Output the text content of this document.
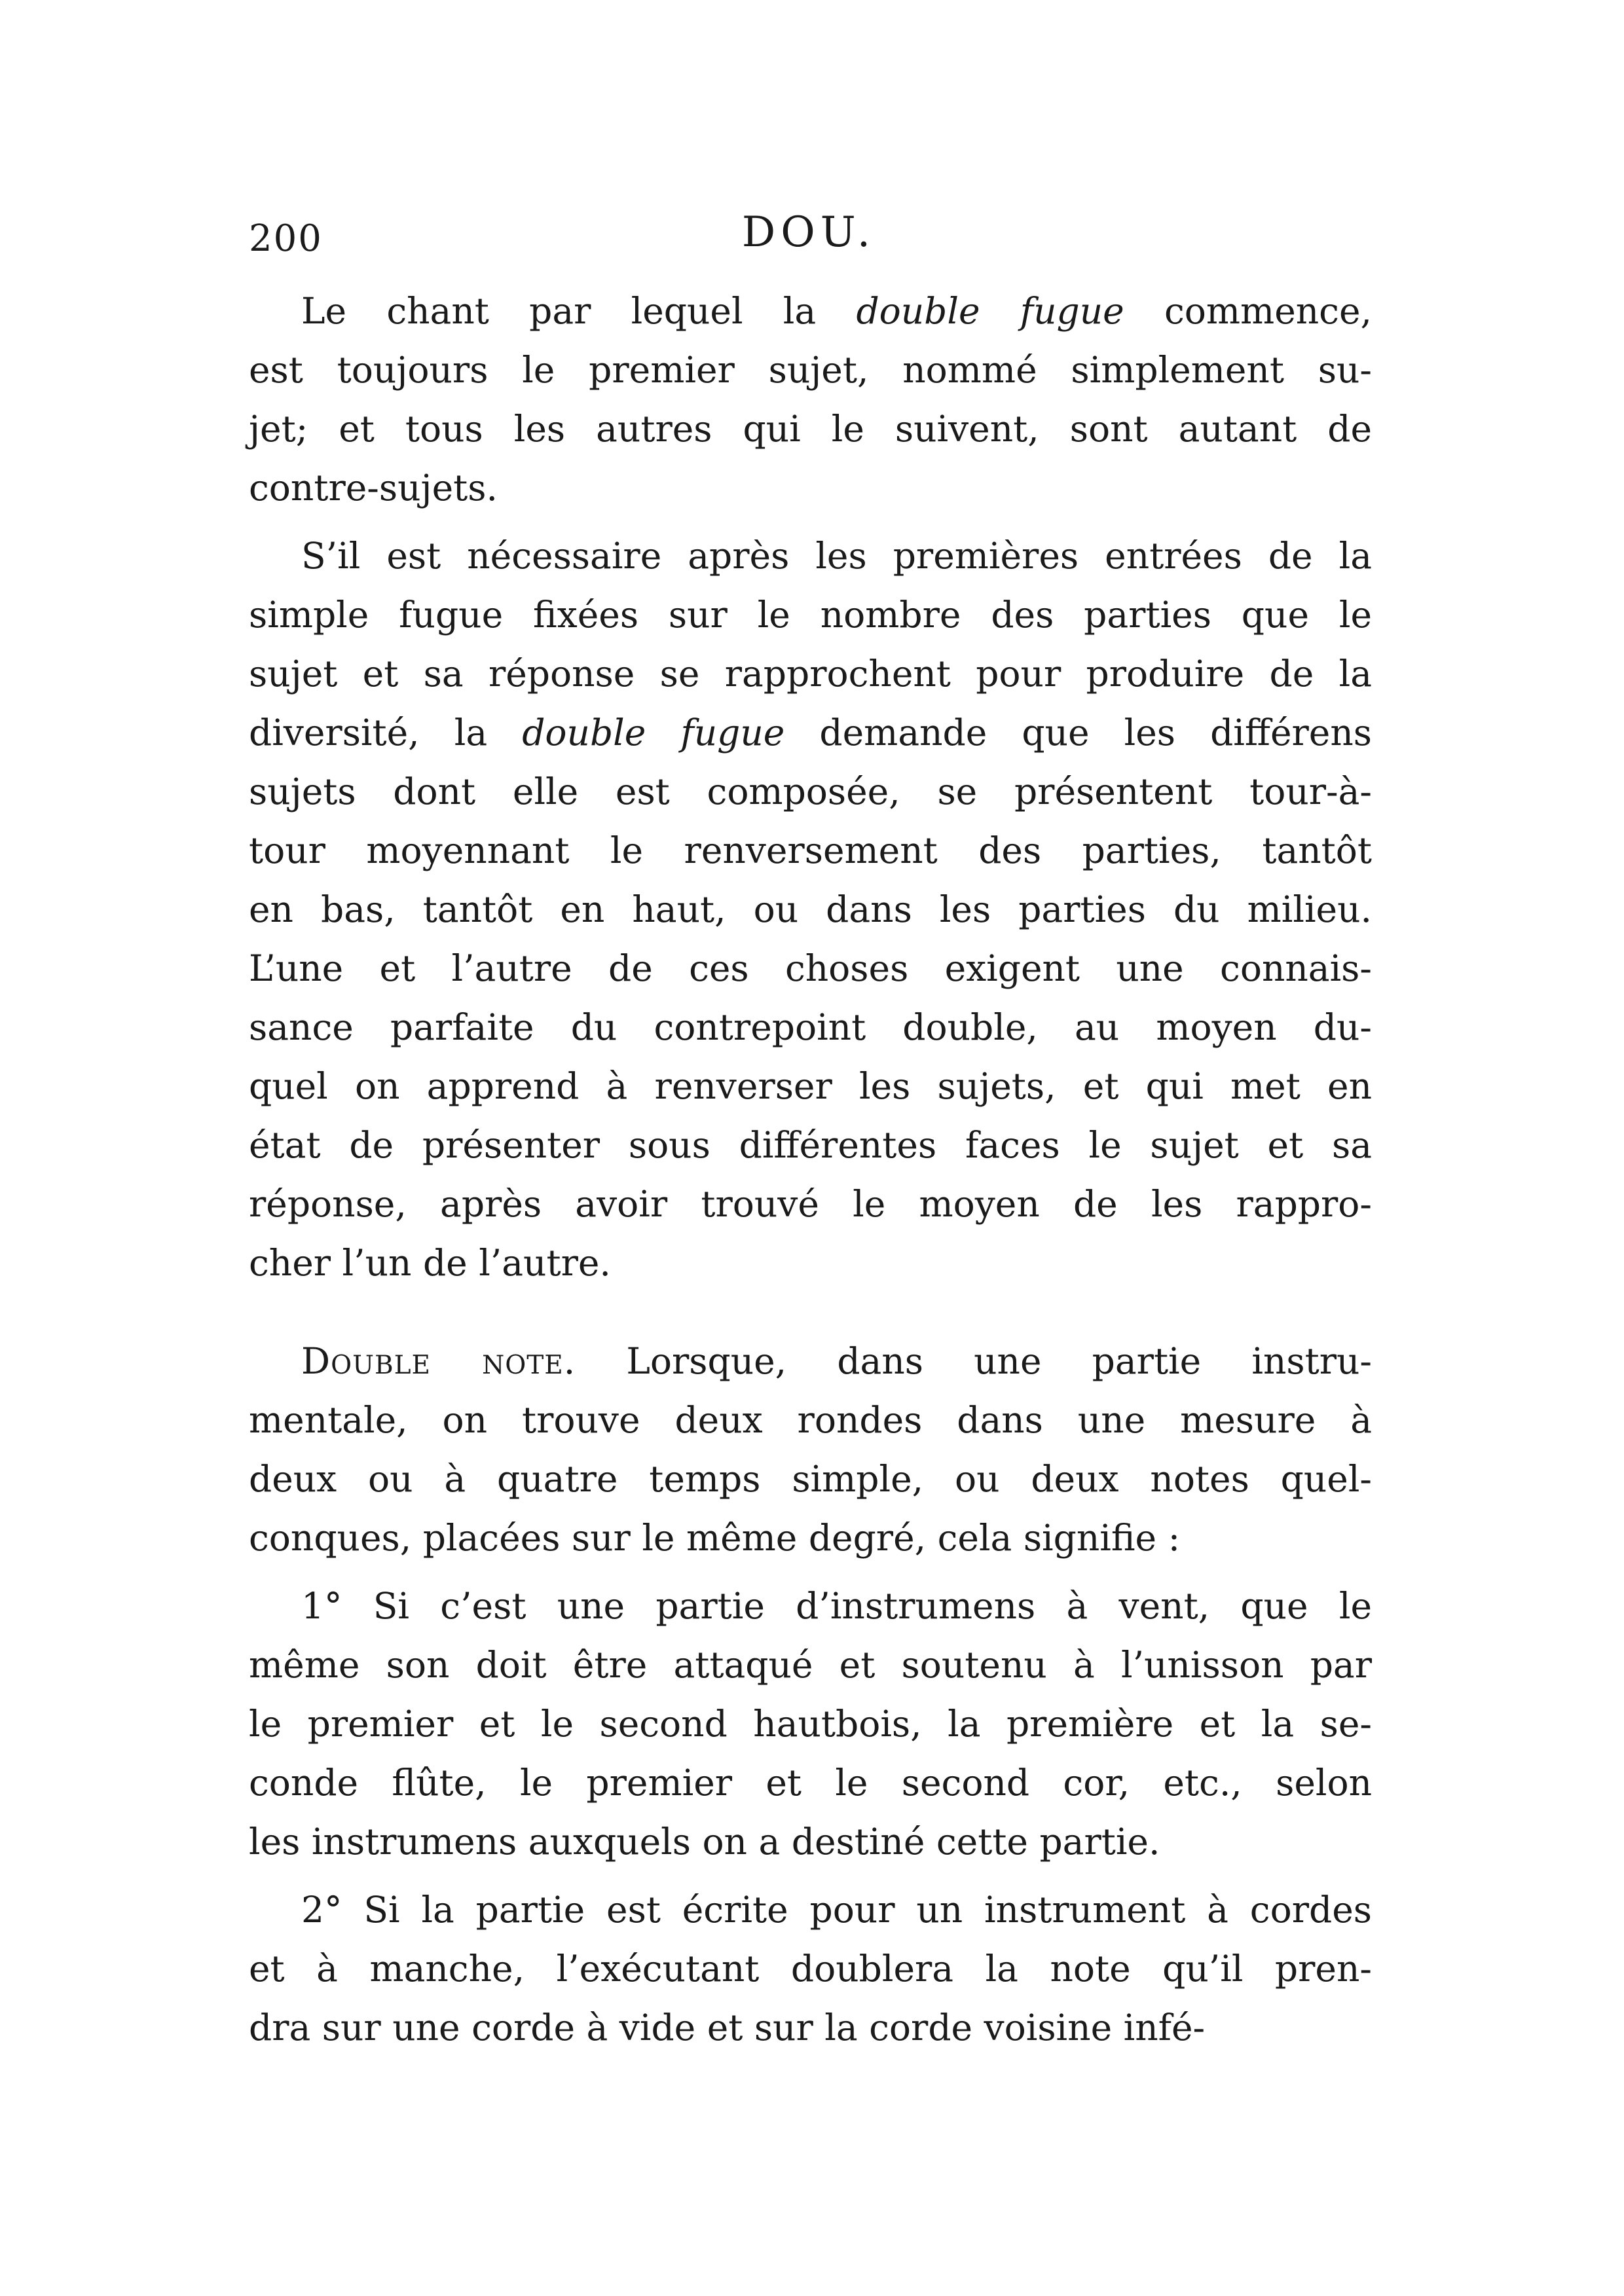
200	DOU.

Le chant par lequel la double fugue commence,
est toujours le premier sujet, nommé simplement su-
jet; et tous les autres qui le suivent, sont autant de
contre-sujets.

S’il est nécessaire après les premières entrées de la
simple fugue fixées sur le nombre des parties que le
sujet et sa réponse se rapprochent pour produire de la
diversité, la double fugue demande que les différens
sujets dont elle est composée, se présentent tour-à-
tour moyennant le renversement des parties, tantôt
en bas, tantôt en haut, ou dans les parties du milieu.
L’une et l’autre de ces choses exigent une connais-
sance parfaite du contrepoint double, au moyen du-
quel on apprend à renverser les sujets, et qui met en
état de présenter sous différentes faces le sujet et sa
réponse, après avoir trouvé le moyen de les rappro-
cher l’un de l’autre.

Double note. Lorsque, dans une partie instru-
mentale, on trouve deux rondes dans une mesure à
deux ou à quatre temps simple, ou deux notes quel-
conques, placées sur le même degré, cela signifie :

1° Si c’est une partie d’instrumens à vent, que le
même son doit être attaqué et soutenu à l’unisson par
le premier et le second hautbois, la première et la se-
conde flûte, le premier et le second cor, etc., selon
les instrumens auxquels on a destiné cette partie.

2° Si la partie est écrite pour un instrument à cordes
et à manche, l’exécutant doublera la note qu’il pren-
dra sur une corde à vide et sur la corde voisine infé-
